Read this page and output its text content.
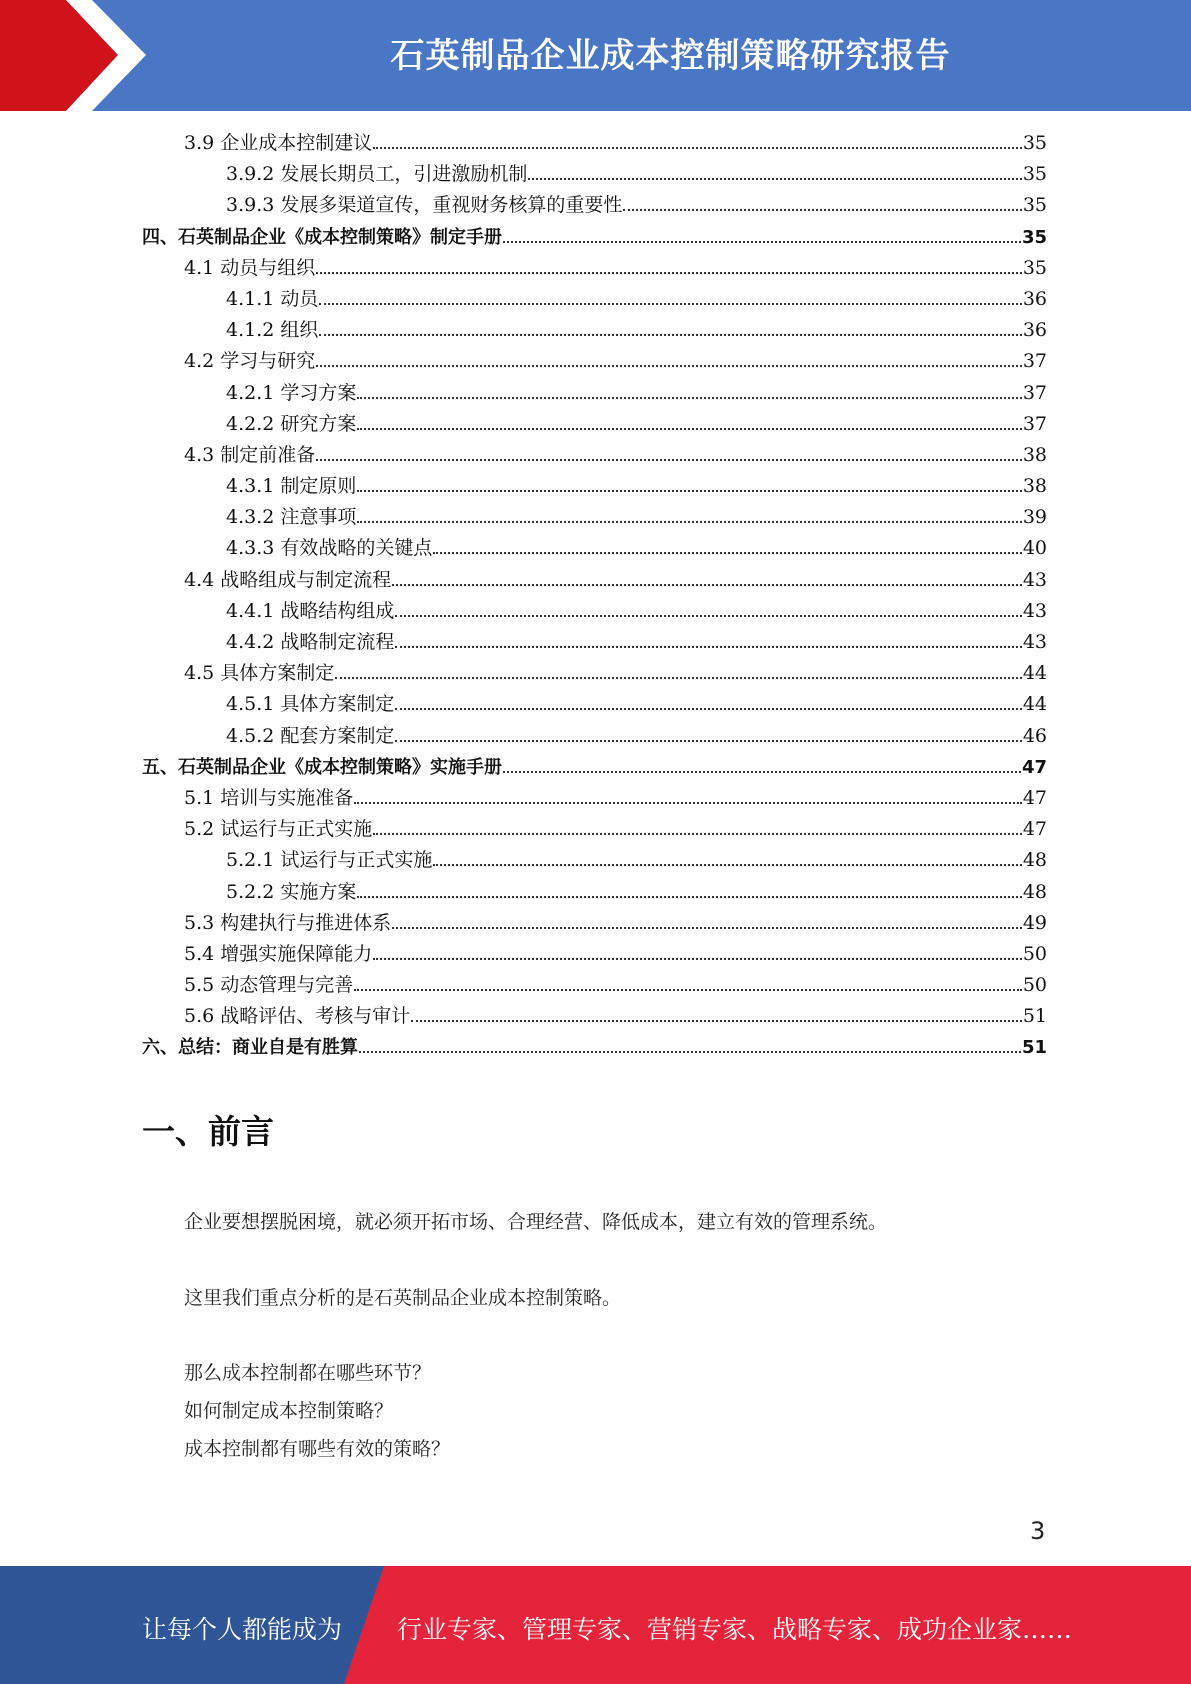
石英制品企业成本控制策略研究报告
3.9 企业成本控制建议	35
3.9.2 发展长期员工，引进激励机制	35
3.9.3 发展多渠道宣传，重视财务核算的重要性	35
四、石英制品企业《成本控制策略》制定手册	35
4.1 动员与组织	35
4.1.1 动员	36
4.1.2 组织	36
4.2 学习与研究	37
4.2.1 学习方案	37
4.2.2 研究方案	37
4.3 制定前准备	38
4.3.1 制定原则	38
4.3.2 注意事项	39
4.3.3 有效战略的关键点	40
4.4 战略组成与制定流程	43
4.4.1 战略结构组成	43
4.4.2 战略制定流程	43
4.5 具体方案制定	44
4.5.1 具体方案制定	44
4.5.2 配套方案制定	46
五、石英制品企业《成本控制策略》实施手册	47
5.1 培训与实施准备	47
5.2 试运行与正式实施	47
5.2.1 试运行与正式实施	48
5.2.2 实施方案	48
5.3 构建执行与推进体系	49
5.4 增强实施保障能力	50
5.5 动态管理与完善	50
5.6 战略评估、考核与审计	51
六、总结：商业自是有胜算	51
一、前言
企业要想摆脱困境，就必须开拓市场、合理经营、降低成本，建立有效的管理系统。
这里我们重点分析的是石英制品企业成本控制策略。
那么成本控制都在哪些环节？
如何制定成本控制策略？
成本控制都有哪些有效的策略？
3
让每个人都能成为 行业专家、管理专家、营销专家、战略专家、成功企业家……
